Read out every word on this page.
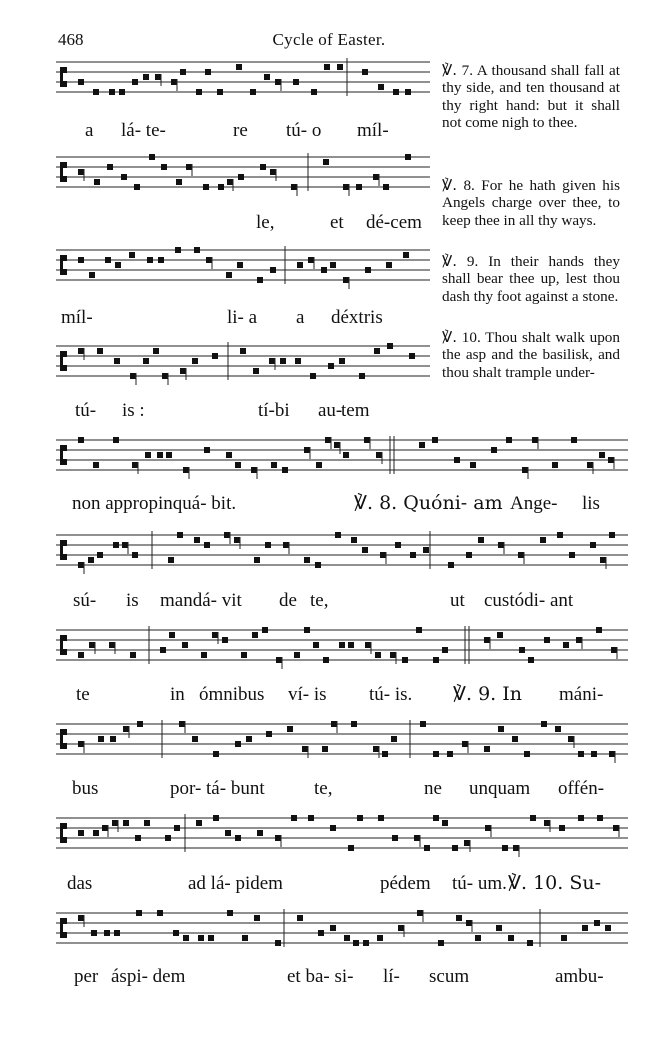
468	Cycle of Easter.
℣. 7. A thousand shall fall at thy side, and ten thousand at thy right hand: but it shall not come nigh to thee.
℣. 8. For he hath given his Angels charge over thee, to keep thee in all thy ways.
℣. 9. In their hands they shall bear thee up, lest thou dash thy foot against a stone.
℣. 10. Thou shalt walk upon the asp and the basilisk, and thou shalt trample under-
a lá- te-	re tú- o míl-
le,	et dé-cem
míl-	li- a a déxtris
tú- is :	tí-bi au-
tem
non appropinquá- bit.	℣. 8. Quóni- am Ange- lis
sú- is mandá- vit de te,	ut custódi- ant
te	in ómnibus ví- is tú- is. ℣. 9. In máni-
bus	por- tá- bunt	te,	ne unquam offén-
das	ad lá- pidem	pédem tú- um. ℣. 10. Su-
per áspi- dem	et ba- si- lí- scum	ambu-
